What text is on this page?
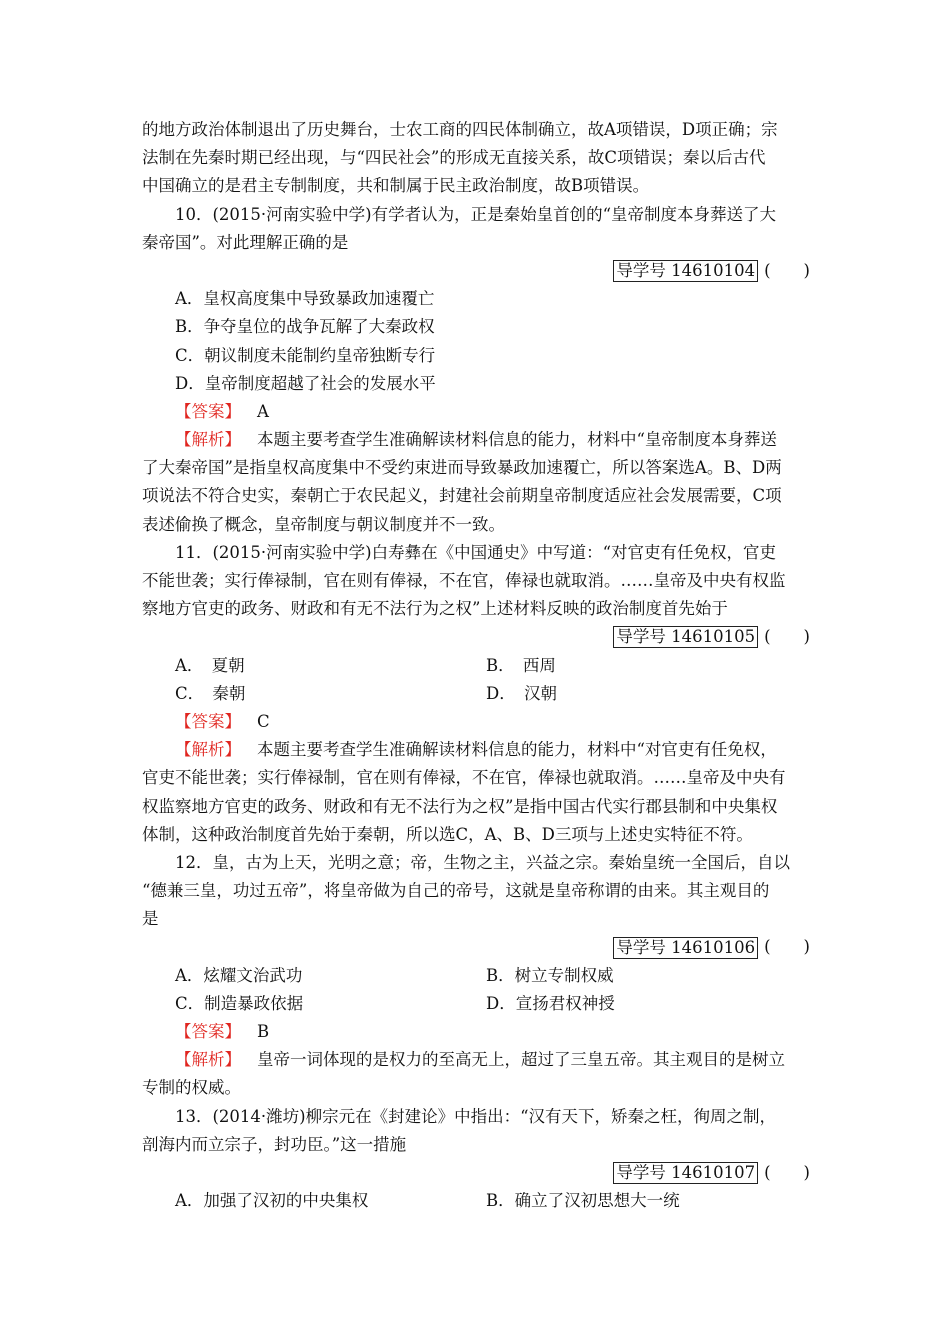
的地方政治体制退出了历史舞台，士农工商的四民体制确立，故A项错误，D项正确；宗
法制在先秦时期已经出现，与“四民社会”的形成无直接关系，故C项错误；秦以后古代
中国确立的是君主专制制度，共和制属于民主政治制度，故B项错误。
10．(2015·河南实验中学)有学者认为，正是秦始皇首创的“皇帝制度本身葬送了大
秦帝国”。对此理解正确的是
导学号 14610104 (　　)
A．皇权高度集中导致暴政加速覆亡
B．争夺皇位的战争瓦解了大秦政权
C．朝议制度未能制约皇帝独断专行
D．皇帝制度超越了社会的发展水平
【答案】 A
【解析】 本题主要考查学生准确解读材料信息的能力，材料中“皇帝制度本身葬送
了大秦帝国”是指皇权高度集中不受约束进而导致暴政加速覆亡，所以答案选A。B、D两
项说法不符合史实，秦朝亡于农民起义，封建社会前期皇帝制度适应社会发展需要，C项
表述偷换了概念，皇帝制度与朝议制度并不一致。
11．(2015·河南实验中学)白寿彝在《中国通史》中写道：“对官吏有任免权，官吏
不能世袭；实行俸禄制，官在则有俸禄，不在官，俸禄也就取消。……皇帝及中央有权监
察地方官吏的政务、财政和有无不法行为之权”上述材料反映的政治制度首先始于
导学号 14610105 (　　)
A．　夏朝	B．　西周
C．　秦朝	D．　汉朝
【答案】 C
【解析】 本题主要考查学生准确解读材料信息的能力，材料中“对官吏有任免权，
官吏不能世袭；实行俸禄制，官在则有俸禄，不在官，俸禄也就取消。……皇帝及中央有
权监察地方官吏的政务、财政和有无不法行为之权”是指中国古代实行郡县制和中央集权
体制，这种政治制度首先始于秦朝，所以选C，A、B、D三项与上述史实特征不符。
12．皇，古为上天，光明之意；帝，生物之主，兴益之宗。秦始皇统一全国后，自以
“德兼三皇，功过五帝”，将皇帝做为自己的帝号，这就是皇帝称谓的由来。其主观目的
是
导学号 14610106 (　　)
A．炫耀文治武功	B．树立专制权威
C．制造暴政依据	D．宣扬君权神授
【答案】 B
【解析】 皇帝一词体现的是权力的至高无上，超过了三皇五帝。其主观目的是树立
专制的权威。
13．(2014·潍坊)柳宗元在《封建论》中指出：“汉有天下，矫秦之枉，徇周之制，
剖海内而立宗子，封功臣。”这一措施
导学号 14610107 (　　)
A．加强了汉初的中央集权	B．确立了汉初思想大一统
